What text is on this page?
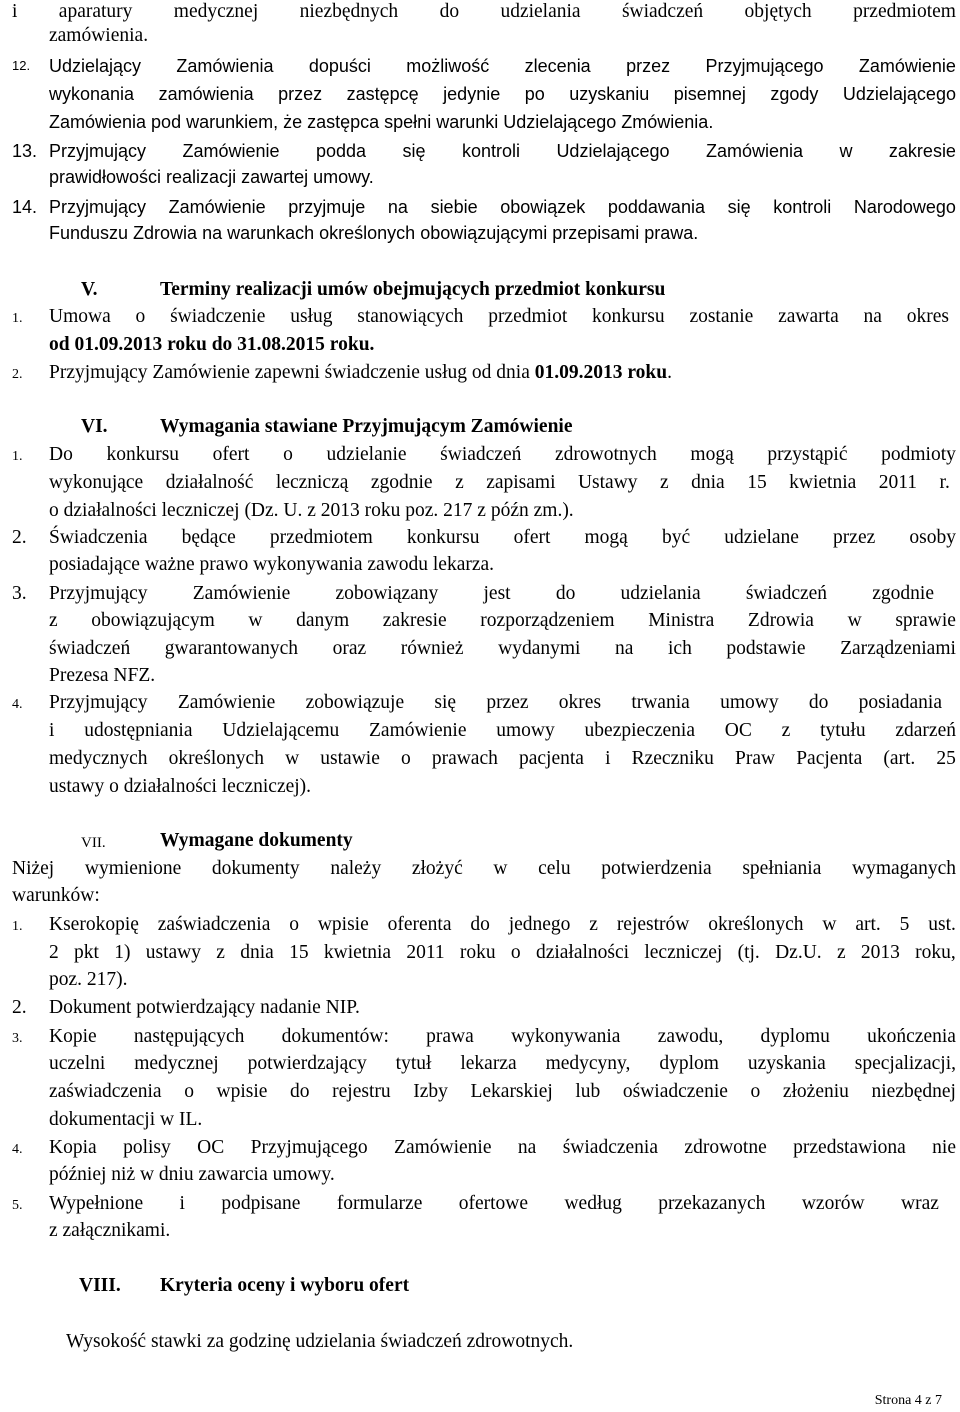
i aparatury medycznej niezbędnych do udzielania świadczeń objętych przedmiotem
zamówienia.
12. Udzielający Zamówienia dopuści możliwość zlecenia przez Przyjmującego Zamówienie
wykonania zamówienia przez zastępcę jedynie po uzyskaniu pisemnej zgody Udzielającego
Zamówienia pod warunkiem, że zastępca spełni warunki Udzielającego Zmówienia.
13. Przyjmujący Zamówienie podda się kontroli Udzielającego Zamówienia w zakresie
prawidłowości realizacji zawartej umowy.
14. Przyjmujący Zamówienie przyjmuje na siebie obowiązek poddawania się kontroli Narodowego
Funduszu Zdrowia na warunkach określonych obowiązującymi przepisami prawa.
V.	Terminy realizacji umów obejmujących przedmiot konkursu
1. Umowa o świadczenie usług stanowiących przedmiot konkursu zostanie zawarta na okres
od 01.09.2013 roku do 31.08.2015 roku.
2. Przyjmujący Zamówienie zapewni świadczenie usług od dnia 01.09.2013 roku.
VI.	Wymagania stawiane Przyjmującym Zamówienie
1. Do konkursu ofert o udzielanie świadczeń zdrowotnych mogą przystąpić podmioty
wykonujące działalność leczniczą zgodnie z zapisami Ustawy z dnia 15 kwietnia 2011 r.
o działalności leczniczej (Dz. U. z 2013 roku poz. 217 z późn zm.).
2. Świadczenia będące przedmiotem konkursu ofert mogą być udzielane przez osoby
posiadające ważne prawo wykonywania zawodu lekarza.
3. Przyjmujący Zamówienie zobowiązany jest do udzielania świadczeń zgodnie
z obowiązującym w danym zakresie rozporządzeniem Ministra Zdrowia w sprawie
świadczeń gwarantowanych oraz również wydanymi na ich podstawie Zarządzeniami
Prezesa NFZ.
4. Przyjmujący Zamówienie zobowiązuje się przez okres trwania umowy do posiadania
i udostępniania Udzielającemu Zamówienie umowy ubezpieczenia OC z tytułu zdarzeń
medycznych określonych w ustawie o prawach pacjenta i Rzeczniku Praw Pacjenta (art. 25
ustawy o działalności leczniczej).
VII.	Wymagane dokumenty
Niżej wymienione dokumenty należy złożyć w celu potwierdzenia spełniania wymaganych
warunków:
1. Kserokopię zaświadczenia o wpisie oferenta do jednego z rejestrów określonych w art. 5 ust.
2 pkt 1) ustawy z dnia 15 kwietnia 2011 roku o działalności leczniczej (tj. Dz.U. z 2013 roku,
poz. 217).
2. Dokument potwierdzający nadanie NIP.
3. Kopie następujących dokumentów: prawa wykonywania zawodu, dyplomu ukończenia
uczelni medycznej potwierdzający tytuł lekarza medycyny, dyplom uzyskania specjalizacji,
zaświadczenia o wpisie do rejestru Izby Lekarskiej lub oświadczenie o złożeniu niezbędnej
dokumentacji w IL.
4. Kopia polisy OC Przyjmującego Zamówienie na świadczenia zdrowotne przedstawiona nie
później niż w dniu zawarcia umowy.
5. Wypełnione i podpisane formularze ofertowe według przekazanych wzorów wraz
z załącznikami.
VIII. Kryteria oceny i wyboru ofert
Wysokość stawki za godzinę udzielania świadczeń zdrowotnych.
Strona 4 z 7
